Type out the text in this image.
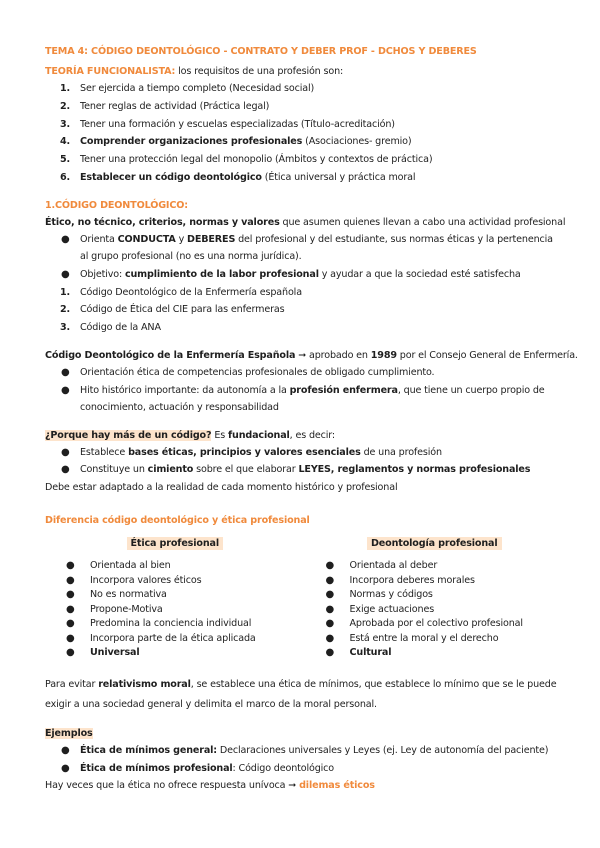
TEMA 4: CÓDIGO DEONTOLÓGICO - CONTRATO Y DEBER PROF - DCHOS Y DEBERES
TEORÍA FUNCIONALISTA: los requisitos de una profesión son:
1. Ser ejercida a tiempo completo (Necesidad social)
2. Tener reglas de actividad (Práctica legal)
3. Tener una formación y escuelas especializadas (Título-acreditación)
4. Comprender organizaciones profesionales (Asociaciones- gremio)
5. Tener una protección legal del monopolio (Ámbitos y contextos de práctica)
6. Establecer un código deontológico (Ética universal y práctica moral
1.CÓDIGO DEONTOLÓGICO:
Ético, no técnico, criterios, normas y valores que asumen quienes llevan a cabo una actividad profesional
● Orienta CONDUCTA y DEBERES del profesional y del estudiante, sus normas éticas y la pertenencia al grupo profesional (no es una norma jurídica).
● Objetivo: cumplimiento de la labor profesional y ayudar a que la sociedad esté satisfecha
1. Código Deontológico de la Enfermería española
2. Código de Ética del CIE para las enfermeras
3. Código de la ANA
Código Deontológico de la Enfermería Española ➞ aprobado en 1989 por el Consejo General de Enfermería.
● Orientación ética de competencias profesionales de obligado cumplimiento.
● Hito histórico importante: da autonomía a la profesión enfermera, que tiene un cuerpo propio de conocimiento, actuación y responsabilidad
¿Porque hay más de un código? Es fundacional, es decir:
● Establece bases éticas, principios y valores esenciales de una profesión
● Constituye un cimiento sobre el que elaborar LEYES, reglamentos y normas profesionales
Debe estar adaptado a la realidad de cada momento histórico y profesional
Diferencia código deontológico y ética profesional
Ética profesional
● Orientada al bien
● Incorpora valores éticos
● No es normativa
● Propone-Motiva
● Predomina la conciencia individual
● Incorpora parte de la ética aplicada
● Universal
Deontología profesional
● Orientada al deber
● Incorpora deberes morales
● Normas y códigos
● Exige actuaciones
● Aprobada por el colectivo profesional
● Está entre la moral y el derecho
● Cultural
Para evitar relativismo moral, se establece una ética de mínimos, que establece lo mínimo que se le puede exigir a una sociedad general y delimita el marco de la moral personal.
Ejemplos
● Ética de mínimos general: Declaraciones universales y Leyes (ej. Ley de autonomía del paciente)
● Ética de mínimos profesional: Código deontológico
Hay veces que la ética no ofrece respuesta unívoca ➞ dilemas éticos
